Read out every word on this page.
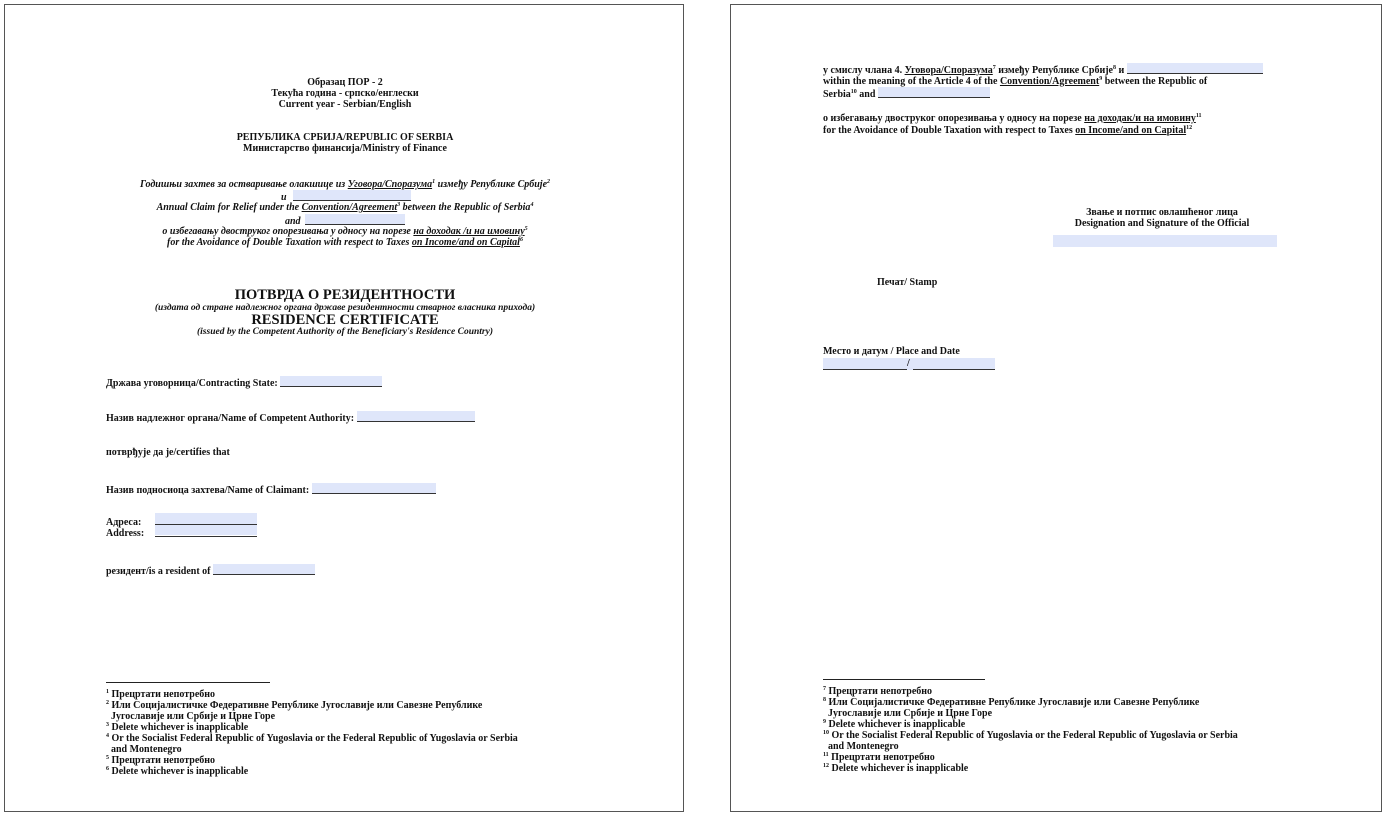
Образац ПОР - 2
Текућа година - српско/енглески
Current year - Serbian/English
РЕПУБЛИКА СРБИЈА/REPUBLIC OF SERBIA
Министарство финансија/Ministry of Finance
Годишњи захтев за остваривање олакшице из Уговора/Споразума$^1$ између Републике Србије$^2$
и
Annual Claim for Relief under the Convention/Agreement$^3$ between the Republic of Serbia$^4$
and
о избегавању двоструког опорезивања у односу на порезе на доходак /и на имовину$^5$
for the Avoidance of Double Taxation with respect to Taxes on Income/and on Capital$^6$
ПОТВРДА О РЕЗИДЕНТНОСТИ
(издата од стране надлежног органа државе резидентности стварног власника прихода)
RESIDENCE CERTIFICATE
(issued by the Competent Authority of the Beneficiary's Residence Country)
Држава уговорница/Contracting State:
Назив надлежног органа/Name of Competent Authority:
потврђује да је/certifies that
Назив подносиоца захтева/Name of Claimant:
Адреса:
Address:
резидент/is a resident of
$^1$ Прецртати непотребно
$^2$ Или Социјалистичке Федеративне Републике Југославије или Савезне Републике
Југославије или Србије и Црне Горе
$^3$ Delete whichever is inapplicable
$^4$ Or the Socialist Federal Republic of Yugoslavia or the Federal Republic of Yugoslavia or Serbia
and Montenegro
$^5$ Прецртати непотребно
$^6$ Delete whichever is inapplicable
у смислу члана 4. Уговора/Споразума$^7$ између Републике Србије$^8$ и
within the meaning of the Article 4 of the Convention/Agreement$^9$ between the Republic of
Serbia$^{10}$ and
о избегавању двоструког опорезивања у односу на порезе на доходак/и на имовину$^{11}$
for the Avoidance of Double Taxation with respect to Taxes on Income/and on Capital$^{12}$
Звање и потпис овлашћеног лица
Designation and Signature of the Official
Печат/ Stamp
Место и датум / Place and Date
/
$^7$ Прецртати непотребно
$^8$ Или Социјалистичке Федеративне Републике Југославије или Савезне Републике
Југославије или Србије и Црне Горе
$^9$ Delete whichever is inapplicable
$^{10}$ Or the Socialist Federal Republic of Yugoslavia or the Federal Republic of Yugoslavia or Serbia
and Montenegro
$^{11}$ Прецртати непотребно
$^{12}$ Delete whichever is inapplicable
